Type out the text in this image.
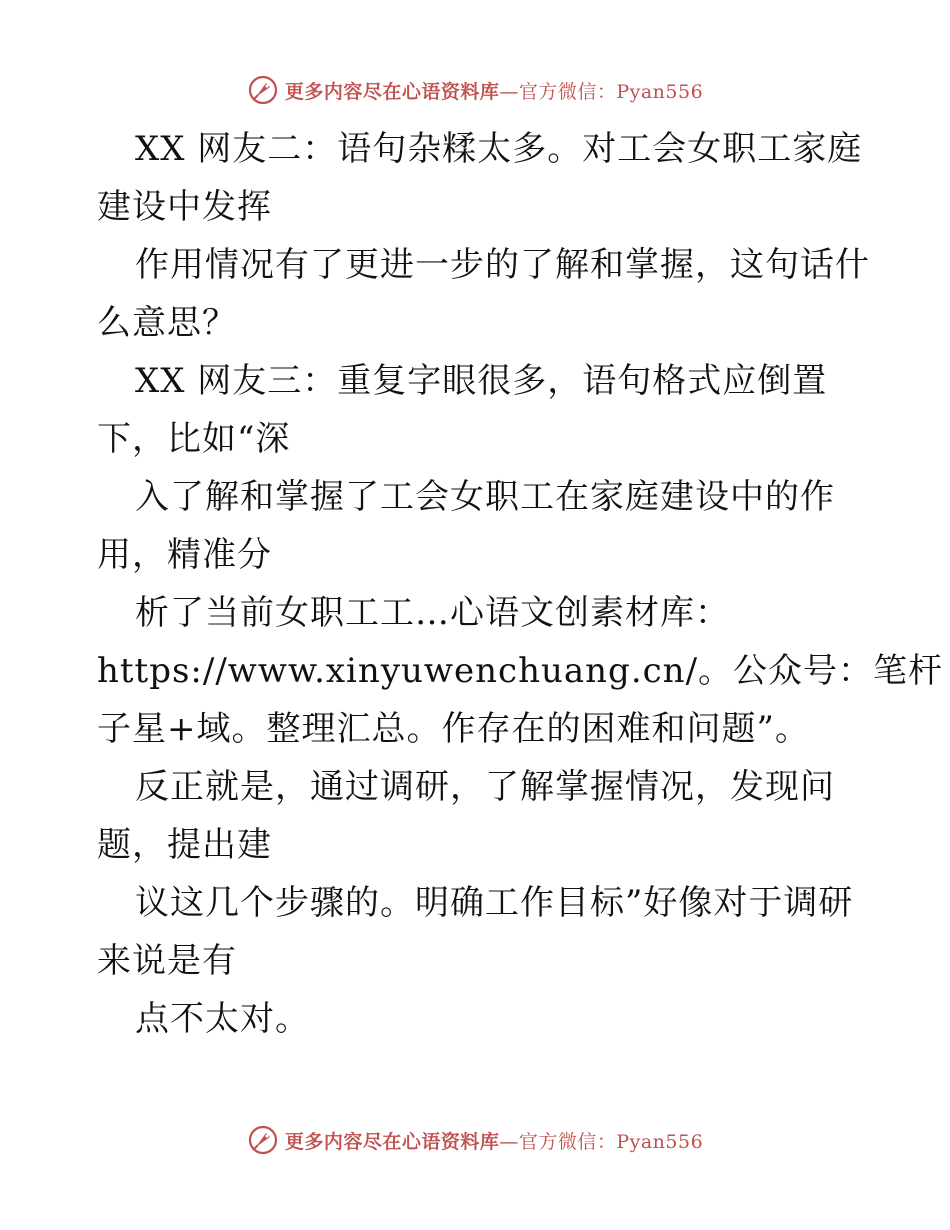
更多内容尽在心语资料库—官方微信：Pyan556
XX 网友二：语句杂糅太多。对工会女职工家庭
建设中发挥
作用情况有了更进一步的了解和掌握，这句话什
么意思？
XX 网友三：重复字眼很多，语句格式应倒置
下，比如“深
入了解和掌握了工会女职工在家庭建设中的作
用，精准分
析了当前女职工工…心语文创素材库：
https://www.xinyuwenchuang.cn/。公众号：笔杆
子星+域。整理汇总。作存在的困难和问题”。
反正就是，通过调研，了解掌握情况，发现问
题，提出建
议这几个步骤的。明确工作目标”好像对于调研
来说是有
点不太对。
更多内容尽在心语资料库—官方微信：Pyan556
